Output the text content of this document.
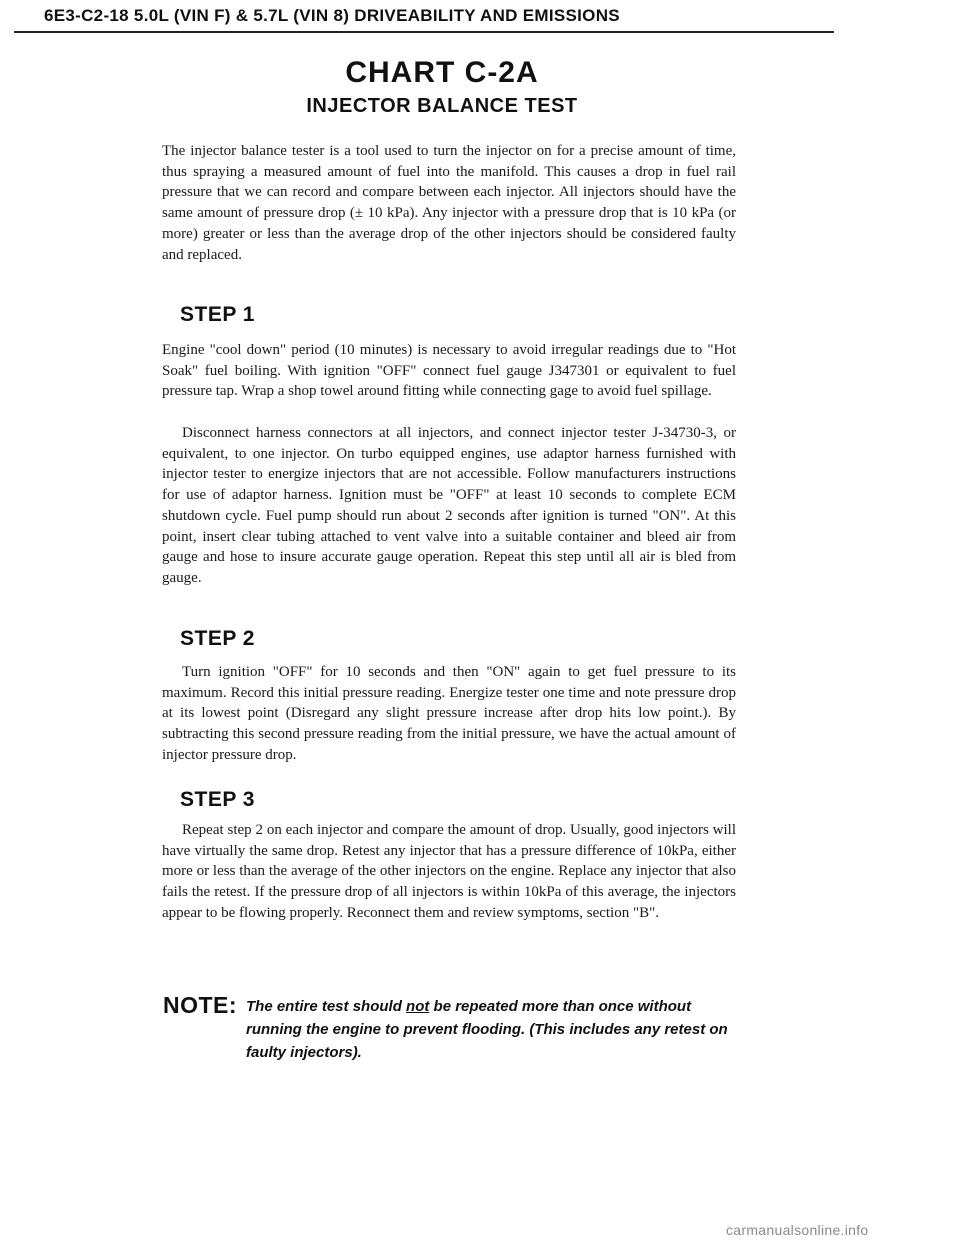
6E3-C2-18 5.0L (VIN F) & 5.7L (VIN 8) DRIVEABILITY AND EMISSIONS
CHART C-2A
INJECTOR BALANCE TEST

The injector balance tester is a tool used to turn the injector on for a precise amount of time, thus spraying a measured amount of fuel into the manifold. This causes a drop in fuel rail pressure that we can record and compare between each injector. All injectors should have the same amount of pressure drop (± 10 kPa). Any injector with a pressure drop that is 10 kPa (or more) greater or less than the average drop of the other injectors should be considered faulty and replaced.

STEP 1

Engine "cool down" period (10 minutes) is necessary to avoid irregular readings due to "Hot Soak" fuel boiling. With ignition "OFF" connect fuel gauge J347301 or equivalent to fuel pressure tap. Wrap a shop towel around fitting while connecting gage to avoid fuel spillage.

Disconnect harness connectors at all injectors, and connect injector tester J-34730-3, or equivalent, to one injector. On turbo equipped engines, use adaptor harness furnished with injector tester to energize injectors that are not accessible. Follow manufacturers instructions for use of adaptor harness. Ignition must be "OFF" at least 10 seconds to complete ECM shutdown cycle. Fuel pump should run about 2 seconds after ignition is turned "ON". At this point, insert clear tubing attached to vent valve into a suitable container and bleed air from gauge and hose to insure accurate gauge operation. Repeat this step until all air is bled from gauge.

STEP 2

Turn ignition "OFF" for 10 seconds and then "ON" again to get fuel pressure to its maximum. Record this initial pressure reading. Energize tester one time and note pressure drop at its lowest point (Disregard any slight pressure increase after drop hits low point.). By subtracting this second pressure reading from the initial pressure, we have the actual amount of injector pressure drop.

STEP 3

Repeat step 2 on each injector and compare the amount of drop. Usually, good injectors will have virtually the same drop. Retest any injector that has a pressure difference of 10kPa, either more or less than the average of the other injectors on the engine. Replace any injector that also fails the retest. If the pressure drop of all injectors is within 10kPa of this average, the injectors appear to be flowing properly. Reconnect them and review symptoms, section "B".

NOTE: The entire test should not be repeated more than once without running the engine to prevent flooding. (This includes any retest on faulty injectors).

carmanualsonline.info
